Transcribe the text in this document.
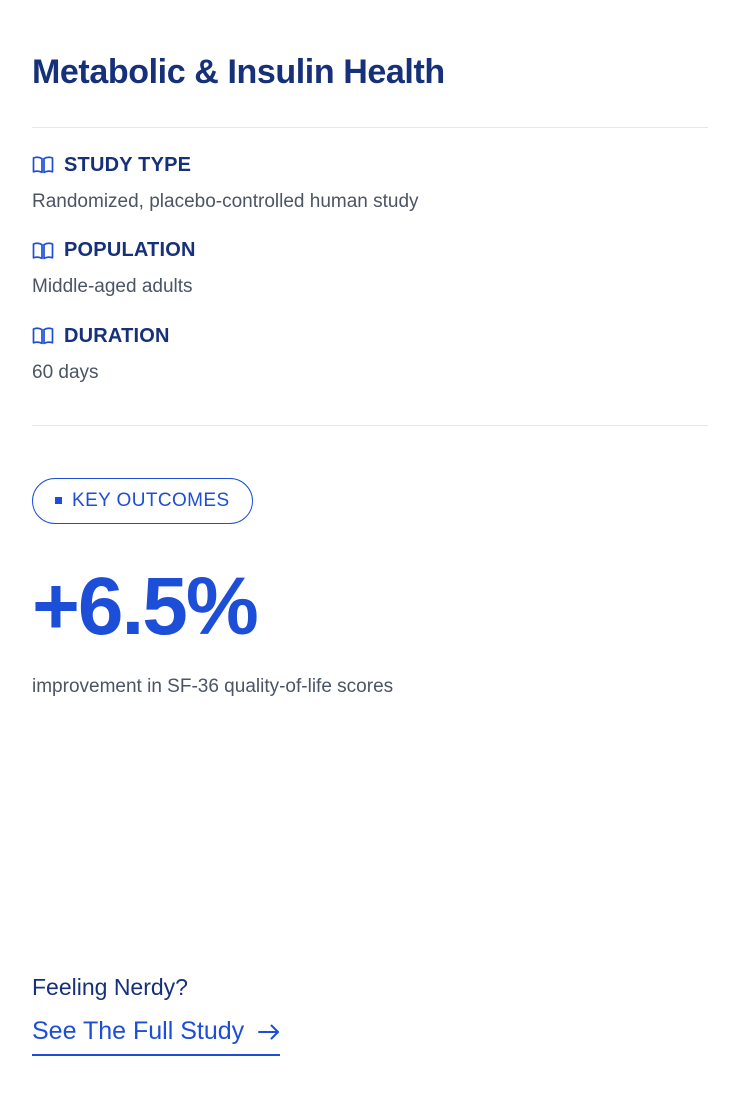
Metabolic & Insulin Health
STUDY TYPE
Randomized, placebo-controlled human study
POPULATION
Middle-aged adults
DURATION
60 days
KEY OUTCOMES
+6.5%
improvement in SF-36 quality-of-life scores
Feeling Nerdy?
See The Full Study
